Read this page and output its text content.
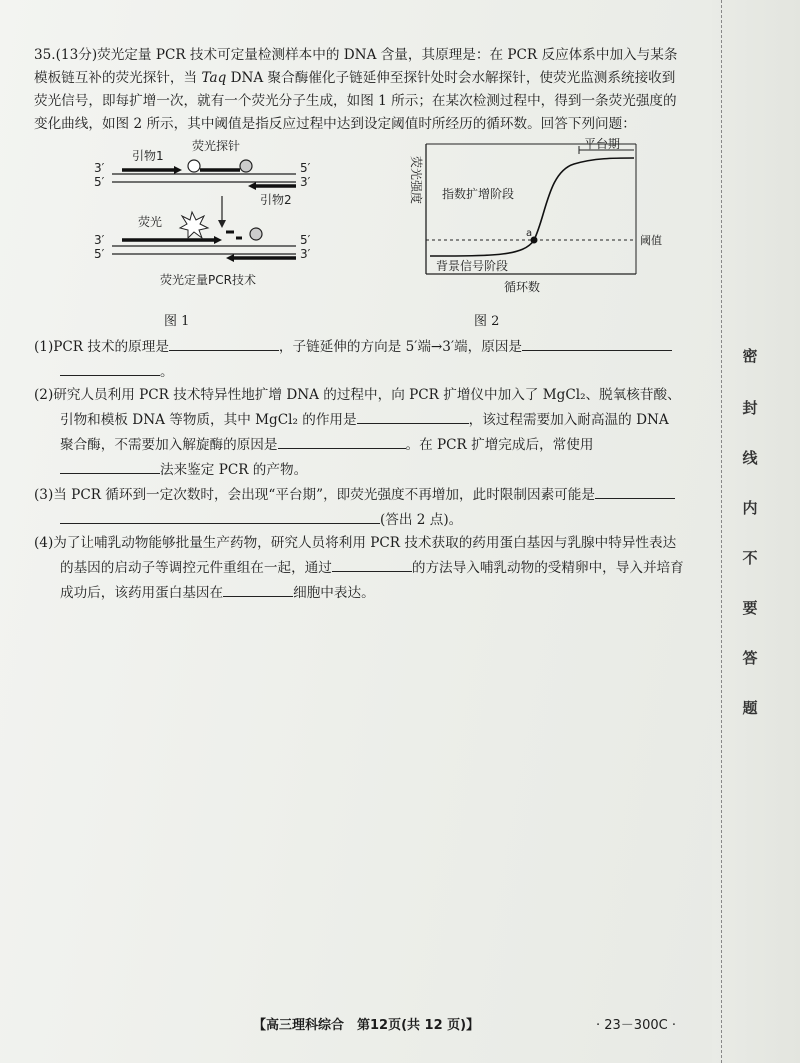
35.(13分)荧光定量 PCR 技术可定量检测样本中的 DNA 含量，其原理是：在 PCR 反应体系中加入与某条模板链互补的荧光探针，当 Taq DNA 聚合酶催化子链延伸至探针处时会水解探针，使荧光监测系统接收到荧光信号，即每扩增一次，就有一个荧光分子生成，如图 1 所示；在某次检测过程中，得到一条荧光强度的变化曲线，如图 2 所示，其中阈值是指反应过程中达到设定阈值时所经历的循环数。回答下列问题：

3′
5′
5′
3′
3′
5′
5′
3′
引物1
荧光探针
引物2
荧光
荧光定量PCR技术
荧光强度
循环数
平台期
指数扩增阶段
阈值
背景信号阶段
a
图 1	图 2

(1)PCR 技术的原理是	，子链延伸的方向是 5′端→3′端，原因是
。

(2)研究人员利用 PCR 技术特异性地扩增 DNA 的过程中，向 PCR 扩增仪中加入了 MgCl₂、脱氧核苷酸、引物和模板 DNA 等物质，其中 MgCl₂ 的作用是	，该过程需要加入耐高温的 DNA 聚合酶，不需要加入解旋酶的原因是	。在 PCR 扩增完成后，常使用法来鉴定 PCR 的产物。

(3)当 PCR 循环到一定次数时，会出现“平台期”，即荧光强度不再增加，此时限制因素可能是
(答出 2 点)。

(4)为了让哺乳动物能够批量生产药物，研究人员将利用 PCR 技术获取的药用蛋白基因与乳腺中特异性表达的基因的启动子等调控元件重组在一起，通过	的方法导入哺乳动物的受精卵中，导入并培育成功后，该药用蛋白基因在	细胞中表达。

密
封
线
内
不
要
答
题
【高三理科综合　第12页(共 12 页)】	· 23－300C ·
